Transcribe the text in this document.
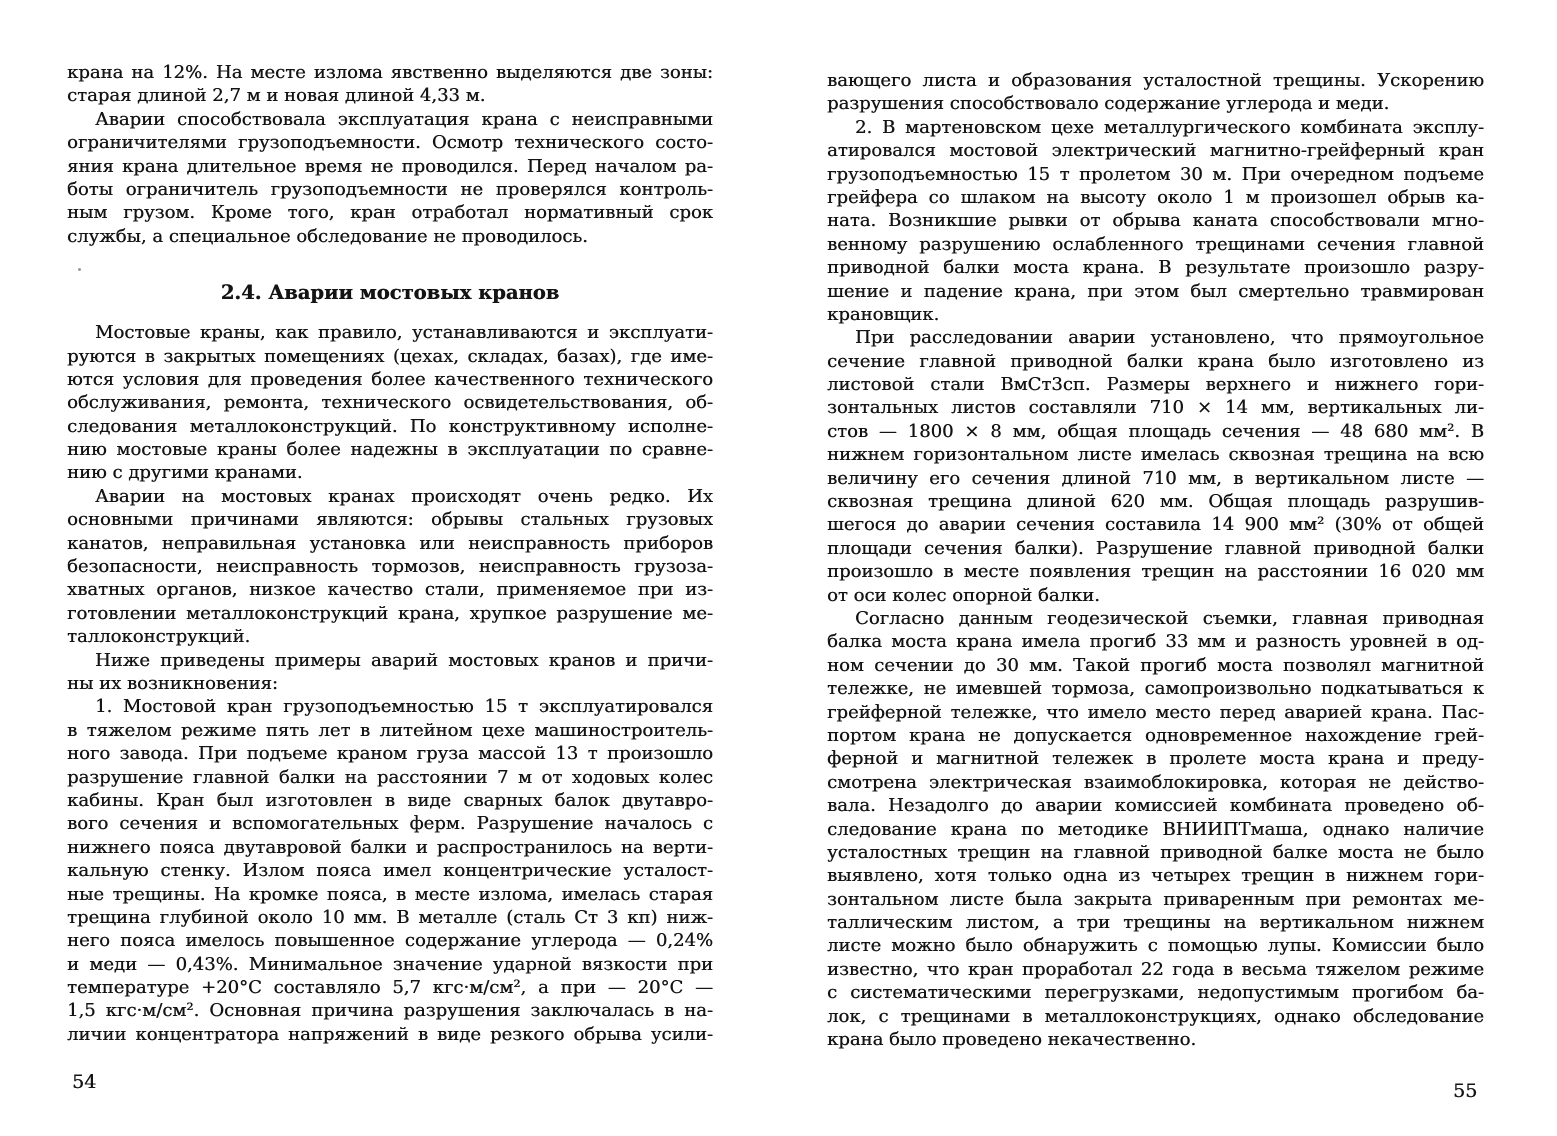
крана на 12%. На месте излома явственно выделяются две зоны:
старая длиной 2,7 м и новая длиной 4,33 м.
Аварии способствовала эксплуатация крана с неисправными
ограничителями грузоподъемности. Осмотр технического состо-
яния крана длительное время не проводился. Перед началом ра-
боты ограничитель грузоподъемности не проверялся контроль-
ным грузом. Кроме того, кран отработал нормативный срок
службы, а специальное обследование не проводилось.
2.4. Аварии мостовых кранов
Мостовые краны, как правило, устанавливаются и эксплуати-
руются в закрытых помещениях (цехах, складах, базах), где име-
ются условия для проведения более качественного технического
обслуживания, ремонта, технического освидетельствования, об-
следования металлоконструкций. По конструктивному исполне-
нию мостовые краны более надежны в эксплуатации по сравне-
нию с другими кранами.
Аварии на мостовых кранах происходят очень редко. Их
основными причинами являются: обрывы стальных грузовых
канатов, неправильная установка или неисправность приборов
безопасности, неисправность тормозов, неисправность грузоза-
хватных органов, низкое качество стали, применяемое при из-
готовлении металлоконструкций крана, хрупкое разрушение ме-
таллоконструкций.
Ниже приведены примеры аварий мостовых кранов и причи-
ны их возникновения:
1. Мостовой кран грузоподъемностью 15 т эксплуатировался
в тяжелом режиме пять лет в литейном цехе машиностроитель-
ного завода. При подъеме краном груза массой 13 т произошло
разрушение главной балки на расстоянии 7 м от ходовых колес
кабины. Кран был изготовлен в виде сварных балок двутавро-
вого сечения и вспомогательных ферм. Разрушение началось с
нижнего пояса двутавровой балки и распространилось на верти-
кальную стенку. Излом пояса имел концентрические усталост-
ные трещины. На кромке пояса, в месте излома, имелась старая
трещина глубиной около 10 мм. В металле (сталь Ст 3 кп) ниж-
него пояса имелось повышенное содержание углерода — 0,24%
и меди — 0,43%. Минимальное значение ударной вязкости при
температуре +20°С составляло 5,7 кгс·м/см², а при — 20°С —
1,5 кгс·м/см². Основная причина разрушения заключалась в на-
личии концентратора напряжений в виде резкого обрыва усили-
54
вающего листа и образования усталостной трещины. Ускорению
разрушения способствовало содержание углерода и меди.
2. В мартеновском цехе металлургического комбината эксплу-
атировался мостовой электрический магнитно-грейферный кран
грузоподъемностью 15 т пролетом 30 м. При очередном подъеме
грейфера со шлаком на высоту около 1 м произошел обрыв ка-
ната. Возникшие рывки от обрыва каната способствовали мгно-
венному разрушению ослабленного трещинами сечения главной
приводной балки моста крана. В результате произошло разру-
шение и падение крана, при этом был смертельно травмирован
крановщик.
При расследовании аварии установлено, что прямоугольное
сечение главной приводной балки крана было изготовлено из
листовой стали ВмСт3сп. Размеры верхнего и нижнего гори-
зонтальных листов составляли 710 × 14 мм, вертикальных ли-
стов — 1800 × 8 мм, общая площадь сечения — 48 680 мм². В
нижнем горизонтальном листе имелась сквозная трещина на всю
величину его сечения длиной 710 мм, в вертикальном листе —
сквозная трещина длиной 620 мм. Общая площадь разрушив-
шегося до аварии сечения составила 14 900 мм² (30% от общей
площади сечения балки). Разрушение главной приводной балки
произошло в месте появления трещин на расстоянии 16 020 мм
от оси колес опорной балки.
Согласно данным геодезической съемки, главная приводная
балка моста крана имела прогиб 33 мм и разность уровней в од-
ном сечении до 30 мм. Такой прогиб моста позволял магнитной
тележке, не имевшей тормоза, самопроизвольно подкатываться к
грейферной тележке, что имело место перед аварией крана. Пас-
портом крана не допускается одновременное нахождение грей-
ферной и магнитной тележек в пролете моста крана и преду-
смотрена электрическая взаимоблокировка, которая не действо-
вала. Незадолго до аварии комиссией комбината проведено об-
следование крана по методике ВНИИПТмаша, однако наличие
усталостных трещин на главной приводной балке моста не было
выявлено, хотя только одна из четырех трещин в нижнем гори-
зонтальном листе была закрыта приваренным при ремонтах ме-
таллическим листом, а три трещины на вертикальном нижнем
листе можно было обнаружить с помощью лупы. Комиссии было
известно, что кран проработал 22 года в весьма тяжелом режиме
с систематическими перегрузками, недопустимым прогибом ба-
лок, с трещинами в металлоконструкциях, однако обследование
крана было проведено некачественно.
55
